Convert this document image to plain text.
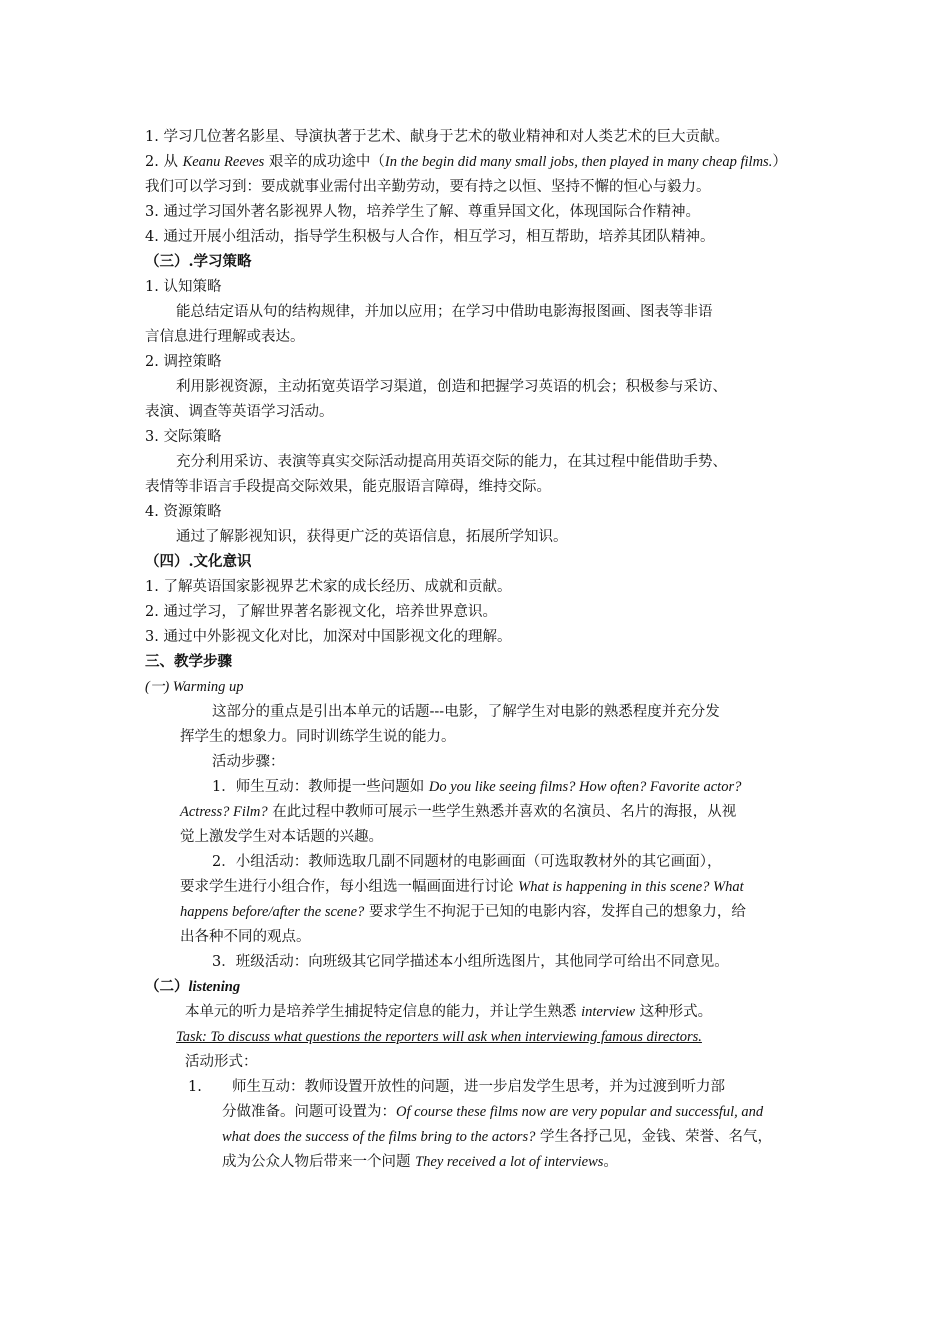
1. 学习几位著名影星、导演执著于艺术、献身于艺术的敬业精神和对人类艺术的巨大贡献。
2. 从 Keanu Reeves 艰辛的成功途中（In the begin did many small jobs, then played in many cheap films.）
我们可以学习到：要成就事业需付出辛勤劳动，要有持之以恒、坚持不懈的恒心与毅力。
3. 通过学习国外著名影视界人物，培养学生了解、尊重异国文化，体现国际合作精神。
4. 通过开展小组活动，指导学生积极与人合作，相互学习，相互帮助，培养其团队精神。
（三）.学习策略
1. 认知策略
能总结定语从句的结构规律，并加以应用；在学习中借助电影海报图画、图表等非语
言信息进行理解或表达。
2. 调控策略
利用影视资源，主动拓宽英语学习渠道，创造和把握学习英语的机会；积极参与采访、
表演、调查等英语学习活动。
3. 交际策略
充分利用采访、表演等真实交际活动提高用英语交际的能力，在其过程中能借助手势、
表情等非语言手段提高交际效果，能克服语言障碍，维持交际。
4. 资源策略
通过了解影视知识，获得更广泛的英语信息，拓展所学知识。
（四）.文化意识
1. 了解英语国家影视界艺术家的成长经历、成就和贡献。
2. 通过学习，了解世界著名影视文化，培养世界意识。
3. 通过中外影视文化对比，加深对中国影视文化的理解。
三、教学步骤
(一) Warming up
这部分的重点是引出本单元的话题---电影，了解学生对电影的熟悉程度并充分发
挥学生的想象力。同时训练学生说的能力。
活动步骤：
1．师生互动：教师提一些问题如 Do you like seeing films? How often? Favorite actor?
Actress? Film? 在此过程中教师可展示一些学生熟悉并喜欢的名演员、名片的海报，从视
觉上激发学生对本话题的兴趣。
2．小组活动：教师选取几副不同题材的电影画面（可选取教材外的其它画面），
要求学生进行小组合作，每小组选一幅画面进行讨论 What is happening in this scene? What
happens before/after the scene? 要求学生不拘泥于已知的电影内容，发挥自己的想象力，给
出各种不同的观点。
3．班级活动：向班级其它同学描述本小组所选图片，其他同学可给出不同意见。
（二）listening
本单元的听力是培养学生捕捉特定信息的能力，并让学生熟悉 interview 这种形式。
Task: To discuss what questions the reporters will ask when interviewing famous directors.
活动形式：
1. 师生互动：教师设置开放性的问题，进一步启发学生思考，并为过渡到听力部
分做准备。问题可设置为：Of course these films now are very popular and successful, and
what does the success of the films bring to the actors? 学生各抒己见，金钱、荣誉、名气，
成为公众人物后带来一个问题 They received a lot of interviews。
